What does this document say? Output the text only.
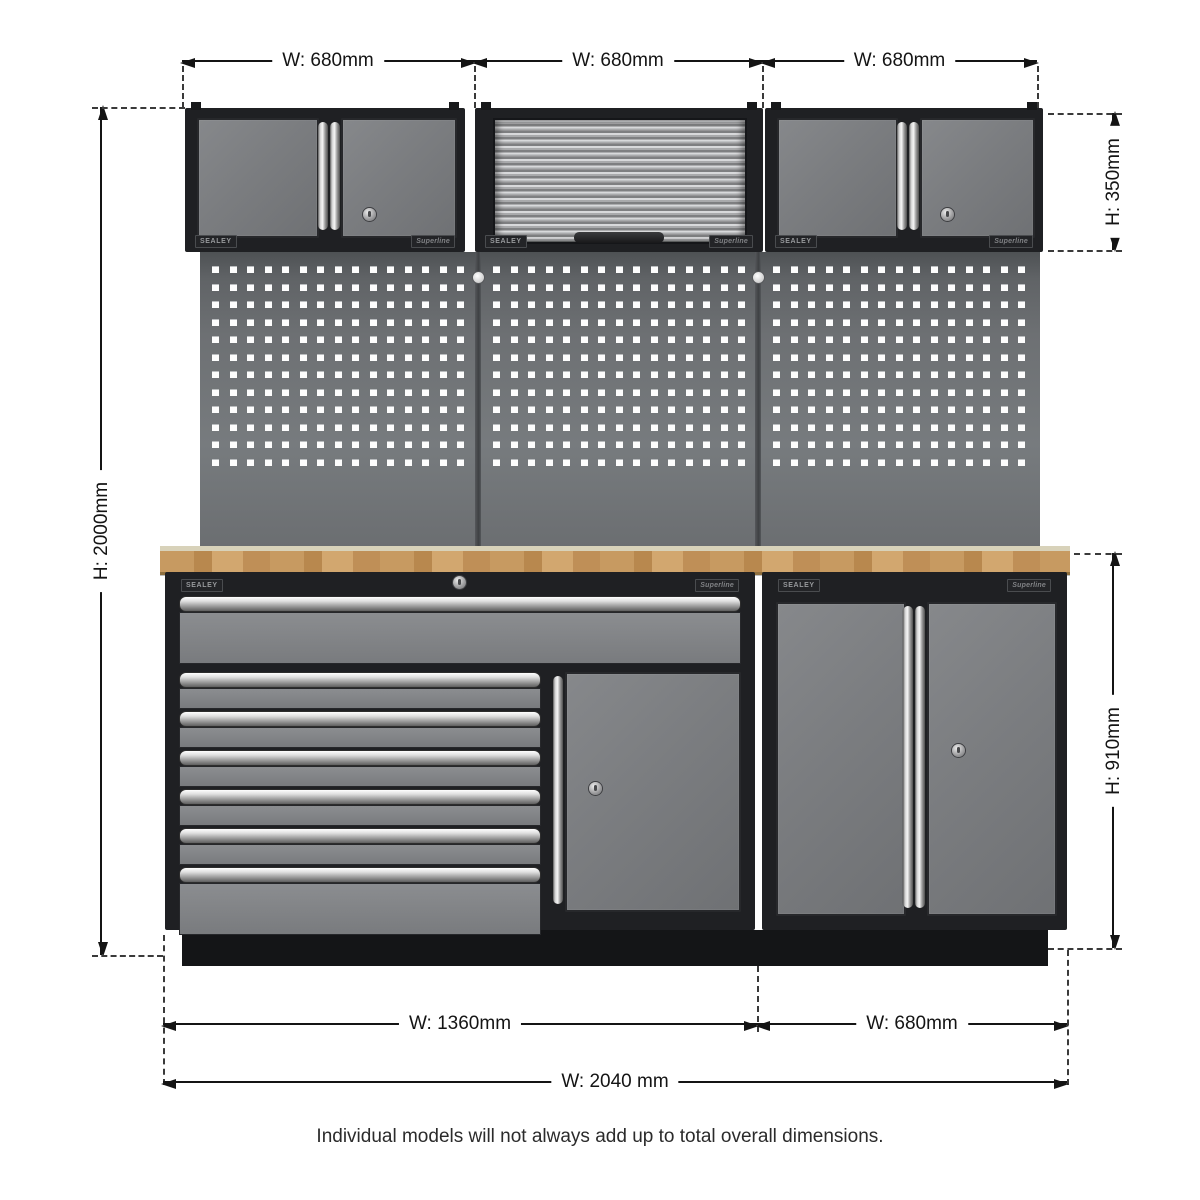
W: 680mm	W: 680mm	W: 680mm
H: 2000mm
H: 350mm
H: 910mm
W: 1360mm	W: 680mm
W: 2040 mm
SEALEY	Superline	SEALEY	Superline	SEALEY	Superline
SEALEY	Superline	SEALEY	Superline
Individual models will not always add up to total overall dimensions.
